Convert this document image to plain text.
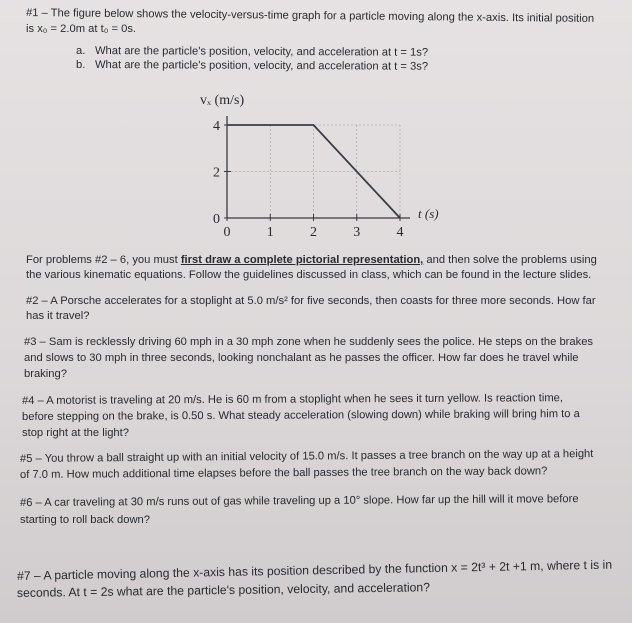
#1 – The figure below shows the velocity-versus-time graph for a particle moving along the x-axis. Its initial position
is x₀ = 2.0m at t₀ = 0s.
a. What are the particle's position, velocity, and acceleration at t = 1s?
b. What are the particle's position, velocity, and acceleration at t = 3s?
vₓ (m/s)
0
2
4
0	1	2	3	4
t (s)
For problems #2 – 6, you must first draw a complete pictorial representation, and then solve the problems using
the various kinematic equations. Follow the guidelines discussed in class, which can be found in the lecture slides.
#2 – A Porsche accelerates for a stoplight at 5.0 m/s² for five seconds, then coasts for three more seconds. How far
has it travel?
#3 – Sam is recklessly driving 60 mph in a 30 mph zone when he suddenly sees the police. He steps on the brakes
and slows to 30 mph in three seconds, looking nonchalant as he passes the officer. How far does he travel while
braking?
#4 – A motorist is traveling at 20 m/s. He is 60 m from a stoplight when he sees it turn yellow. Is reaction time,
before stepping on the brake, is 0.50 s. What steady acceleration (slowing down) while braking will bring him to a
stop right at the light?
#5 – You throw a ball straight up with an initial velocity of 15.0 m/s. It passes a tree branch on the way up at a height
of 7.0 m. How much additional time elapses before the ball passes the tree branch on the way back down?
#6 – A car traveling at 30 m/s runs out of gas while traveling up a 10° slope. How far up the hill will it move before
starting to roll back down?
#7 – A particle moving along the x-axis has its position described by the function x = 2t³ + 2t +1 m, where t is in
seconds. At t = 2s what are the particle's position, velocity, and acceleration?
